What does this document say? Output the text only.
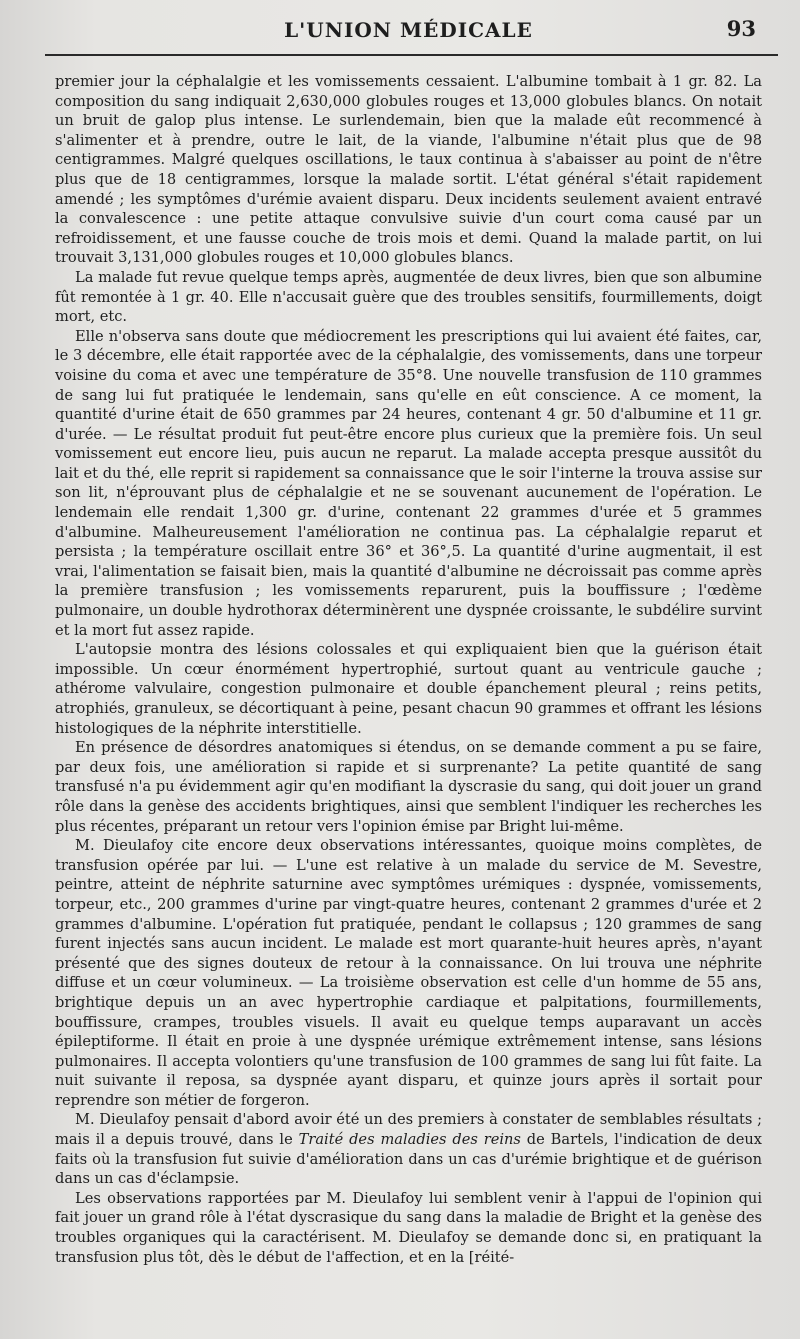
L'UNION MÉDICALE	93

premier jour la céphalalgie et les vomissements cessaient. L'albumine tombait à 1 gr. 82. La composition du sang indiquait 2,630,000 globules rouges et 13,000 globules blancs. On notait un bruit de galop plus intense. Le surlendemain, bien que la malade eût recommencé à s'alimenter et à prendre, outre le lait, de la viande, l'albumine n'était plus que de 98 centigrammes. Malgré quelques oscillations, le taux continua à s'abaisser au point de n'être plus que de 18 centigrammes, lorsque la malade sortit. L'état général s'était rapidement amendé ; les symptômes d'urémie avaient disparu. Deux incidents seulement avaient entravé la convalescence : une petite attaque convulsive suivie d'un court coma causé par un refroidissement, et une fausse couche de trois mois et demi. Quand la malade partit, on lui trouvait 3,131,000 globules rouges et 10,000 globules blancs.

La malade fut revue quelque temps après, augmentée de deux livres, bien que son albumine fût remontée à 1 gr. 40. Elle n'accusait guère que des troubles sensitifs, fourmillements, doigt mort, etc.

Elle n'observa sans doute que médiocrement les prescriptions qui lui avaient été faites, car, le 3 décembre, elle était rapportée avec de la céphalalgie, des vomissements, dans une torpeur voisine du coma et avec une température de 35°8. Une nouvelle transfusion de 110 grammes de sang lui fut pratiquée le lendemain, sans qu'elle en eût conscience. A ce moment, la quantité d'urine était de 650 grammes par 24 heures, contenant 4 gr. 50 d'albumine et 11 gr. d'urée. — Le résultat produit fut peut-être encore plus curieux que la première fois. Un seul vomissement eut encore lieu, puis aucun ne reparut. La malade accepta presque aussitôt du lait et du thé, elle reprit si rapidement sa connaissance que le soir l'interne la trouva assise sur son lit, n'éprouvant plus de céphalalgie et ne se souvenant aucunement de l'opération. Le lendemain elle rendait 1,300 gr. d'urine, contenant 22 grammes d'urée et 5 grammes d'albumine. Malheureusement l'amélioration ne continua pas. La céphalalgie reparut et persista ; la température oscillait entre 36° et 36°,5. La quantité d'urine augmentait, il est vrai, l'alimentation se faisait bien, mais la quantité d'albumine ne décroissait pas comme après la première transfusion ; les vomissements reparurent, puis la bouffissure ; l'œdème pulmonaire, un double hydrothorax déterminèrent une dyspnée croissante, le subdélire survint et la mort fut assez rapide.

L'autopsie montra des lésions colossales et qui expliquaient bien que la guérison était impossible. Un cœur énormément hypertrophié, surtout quant au ventricule gauche ; athérome valvulaire, congestion pulmonaire et double épanchement pleural ; reins petits, atrophiés, granuleux, se décortiquant à peine, pesant chacun 90 grammes et offrant les lésions histologiques de la néphrite interstitielle.

En présence de désordres anatomiques si étendus, on se demande comment a pu se faire, par deux fois, une amélioration si rapide et si surprenante? La petite quantité de sang transfusé n'a pu évidemment agir qu'en modifiant la dyscrasie du sang, qui doit jouer un grand rôle dans la genèse des accidents brightiques, ainsi que semblent l'indiquer les recherches les plus récentes, préparant un retour vers l'opinion émise par Bright lui-même.

M. Dieulafoy cite encore deux observations intéressantes, quoique moins complètes, de transfusion opérée par lui. — L'une est relative à un malade du service de M. Sevestre, peintre, atteint de néphrite saturnine avec symptômes urémiques : dyspnée, vomissements, torpeur, etc., 200 grammes d'urine par vingt-quatre heures, contenant 2 grammes d'urée et 2 grammes d'albumine. L'opération fut pratiquée, pendant le collapsus ; 120 grammes de sang furent injectés sans aucun incident. Le malade est mort quarante-huit heures après, n'ayant présenté que des signes douteux de retour à la connaissance. On lui trouva une néphrite diffuse et un cœur volumineux. — La troisième observation est celle d'un homme de 55 ans, brightique depuis un an avec hypertrophie cardiaque et palpitations, fourmillements, bouffissure, crampes, troubles visuels. Il avait eu quelque temps auparavant un accès épileptiforme. Il était en proie à une dyspnée urémique extrêmement intense, sans lésions pulmonaires. Il accepta volontiers qu'une transfusion de 100 grammes de sang lui fût faite. La nuit suivante il reposa, sa dyspnée ayant disparu, et quinze jours après il sortait pour reprendre son métier de forgeron.

M. Dieulafoy pensait d'abord avoir été un des premiers à constater de semblables résultats ; mais il a depuis trouvé, dans le Traité des maladies des reins de Bartels, l'indication de deux faits où la transfusion fut suivie d'amélioration dans un cas d'urémie brightique et de guérison dans un cas d'éclampsie.

Les observations rapportées par M. Dieulafoy lui semblent venir à l'appui de l'opinion qui fait jouer un grand rôle à l'état dyscrasique du sang dans la maladie de Bright et la genèse des troubles organiques qui la caractérisent. M. Dieulafoy se demande donc si, en pratiquant la transfusion plus tôt, dès le début de l'affection, et en la [réité-
